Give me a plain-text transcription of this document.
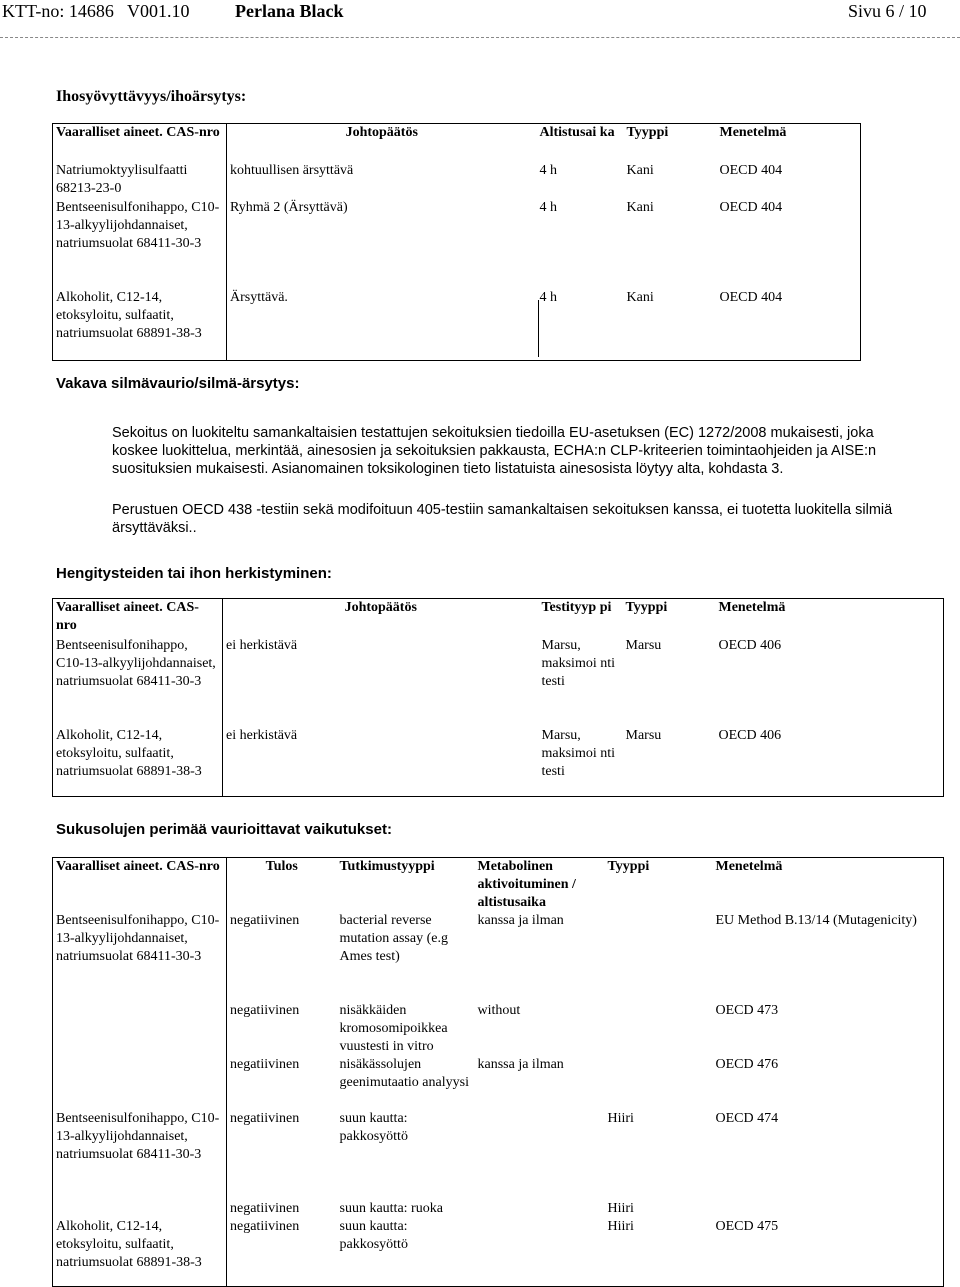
KTT-no: 14686 V001.10	Perlana Black	Sivu 6 / 10
Ihosyövyttävyys/ihoärsytys:
Vaaralliset aineet. CAS-nro	Johtopäätös	Altistusai ka	Tyyppi	Menetelmä
Natriumoktyylisulfaatti 68213-23-0	kohtuullisen ärsyttävä	4 h	Kani	OECD 404
Bentseenisulfonihappo, C10-13-alkyylijohdannaiset, natriumsuolat 68411-30-3	Ryhmä 2 (Ärsyttävä)	4 h	Kani	OECD 404
Alkoholit, C12-14, etoksyloitu, sulfaatit, natriumsuolat 68891-38-3	Ärsyttävä.	4 h	Kani	OECD 404
Vakava silmävaurio/silmä-ärsytys:
Sekoitus on luokiteltu samankaltaisien testattujen sekoituksien tiedoilla EU-asetuksen (EC) 1272/2008 mukaisesti, joka koskee luokittelua, merkintää, ainesosien ja sekoituksien pakkausta, ECHA:n CLP-kriteerien toimintaohjeiden ja AISE:n suosituksien mukaisesti. Asianomainen toksikologinen tieto listatuista ainesosista löytyy alta, kohdasta 3.
Perustuen OECD 438 -testiin sekä modifoituun 405-testiin samankaltaisen sekoituksen kanssa, ei tuotetta luokitella silmiä ärsyttäväksi..
Hengitysteiden tai ihon herkistyminen:
Vaaralliset aineet. CAS-nro	Johtopäätös	Testityyp pi	Tyyppi	Menetelmä
Bentseenisulfonihappo, C10-13-alkyylijohdannaiset, natriumsuolat 68411-30-3	ei herkistävä	Marsu, maksimoi nti testi	Marsu	OECD 406
Alkoholit, C12-14, etoksyloitu, sulfaatit, natriumsuolat 68891-38-3	ei herkistävä	Marsu, maksimoi nti testi	Marsu	OECD 406
Sukusolujen perimää vaurioittavat vaikutukset:
Vaaralliset aineet. CAS-nro	Tulos	Tutkimustyyppi	Metabolinen aktivoituminen / altistusaika	Tyyppi	Menetelmä
Bentseenisulfonihappo, C10-13-alkyylijohdannaiset, natriumsuolat 68411-30-3	negatiivinen	bacterial reverse mutation assay (e.g Ames test)	kanssa ja ilman		EU Method B.13/14 (Mutagenicity)
	negatiivinen	nisäkkäiden kromosomipoikkea vuustesti in vitro	without		OECD 473
	negatiivinen	nisäkässolujen geenimutaatio analyysi	kanssa ja ilman		OECD 476
Bentseenisulfonihappo, C10-13-alkyylijohdannaiset, natriumsuolat 68411-30-3	negatiivinen	suun kautta: pakkosyöttö		Hiiri	OECD 474
	negatiivinen	suun kautta: ruoka		Hiiri	
Alkoholit, C12-14, etoksyloitu, sulfaatit, natriumsuolat 68891-38-3	negatiivinen	suun kautta: pakkosyöttö		Hiiri	OECD 475
